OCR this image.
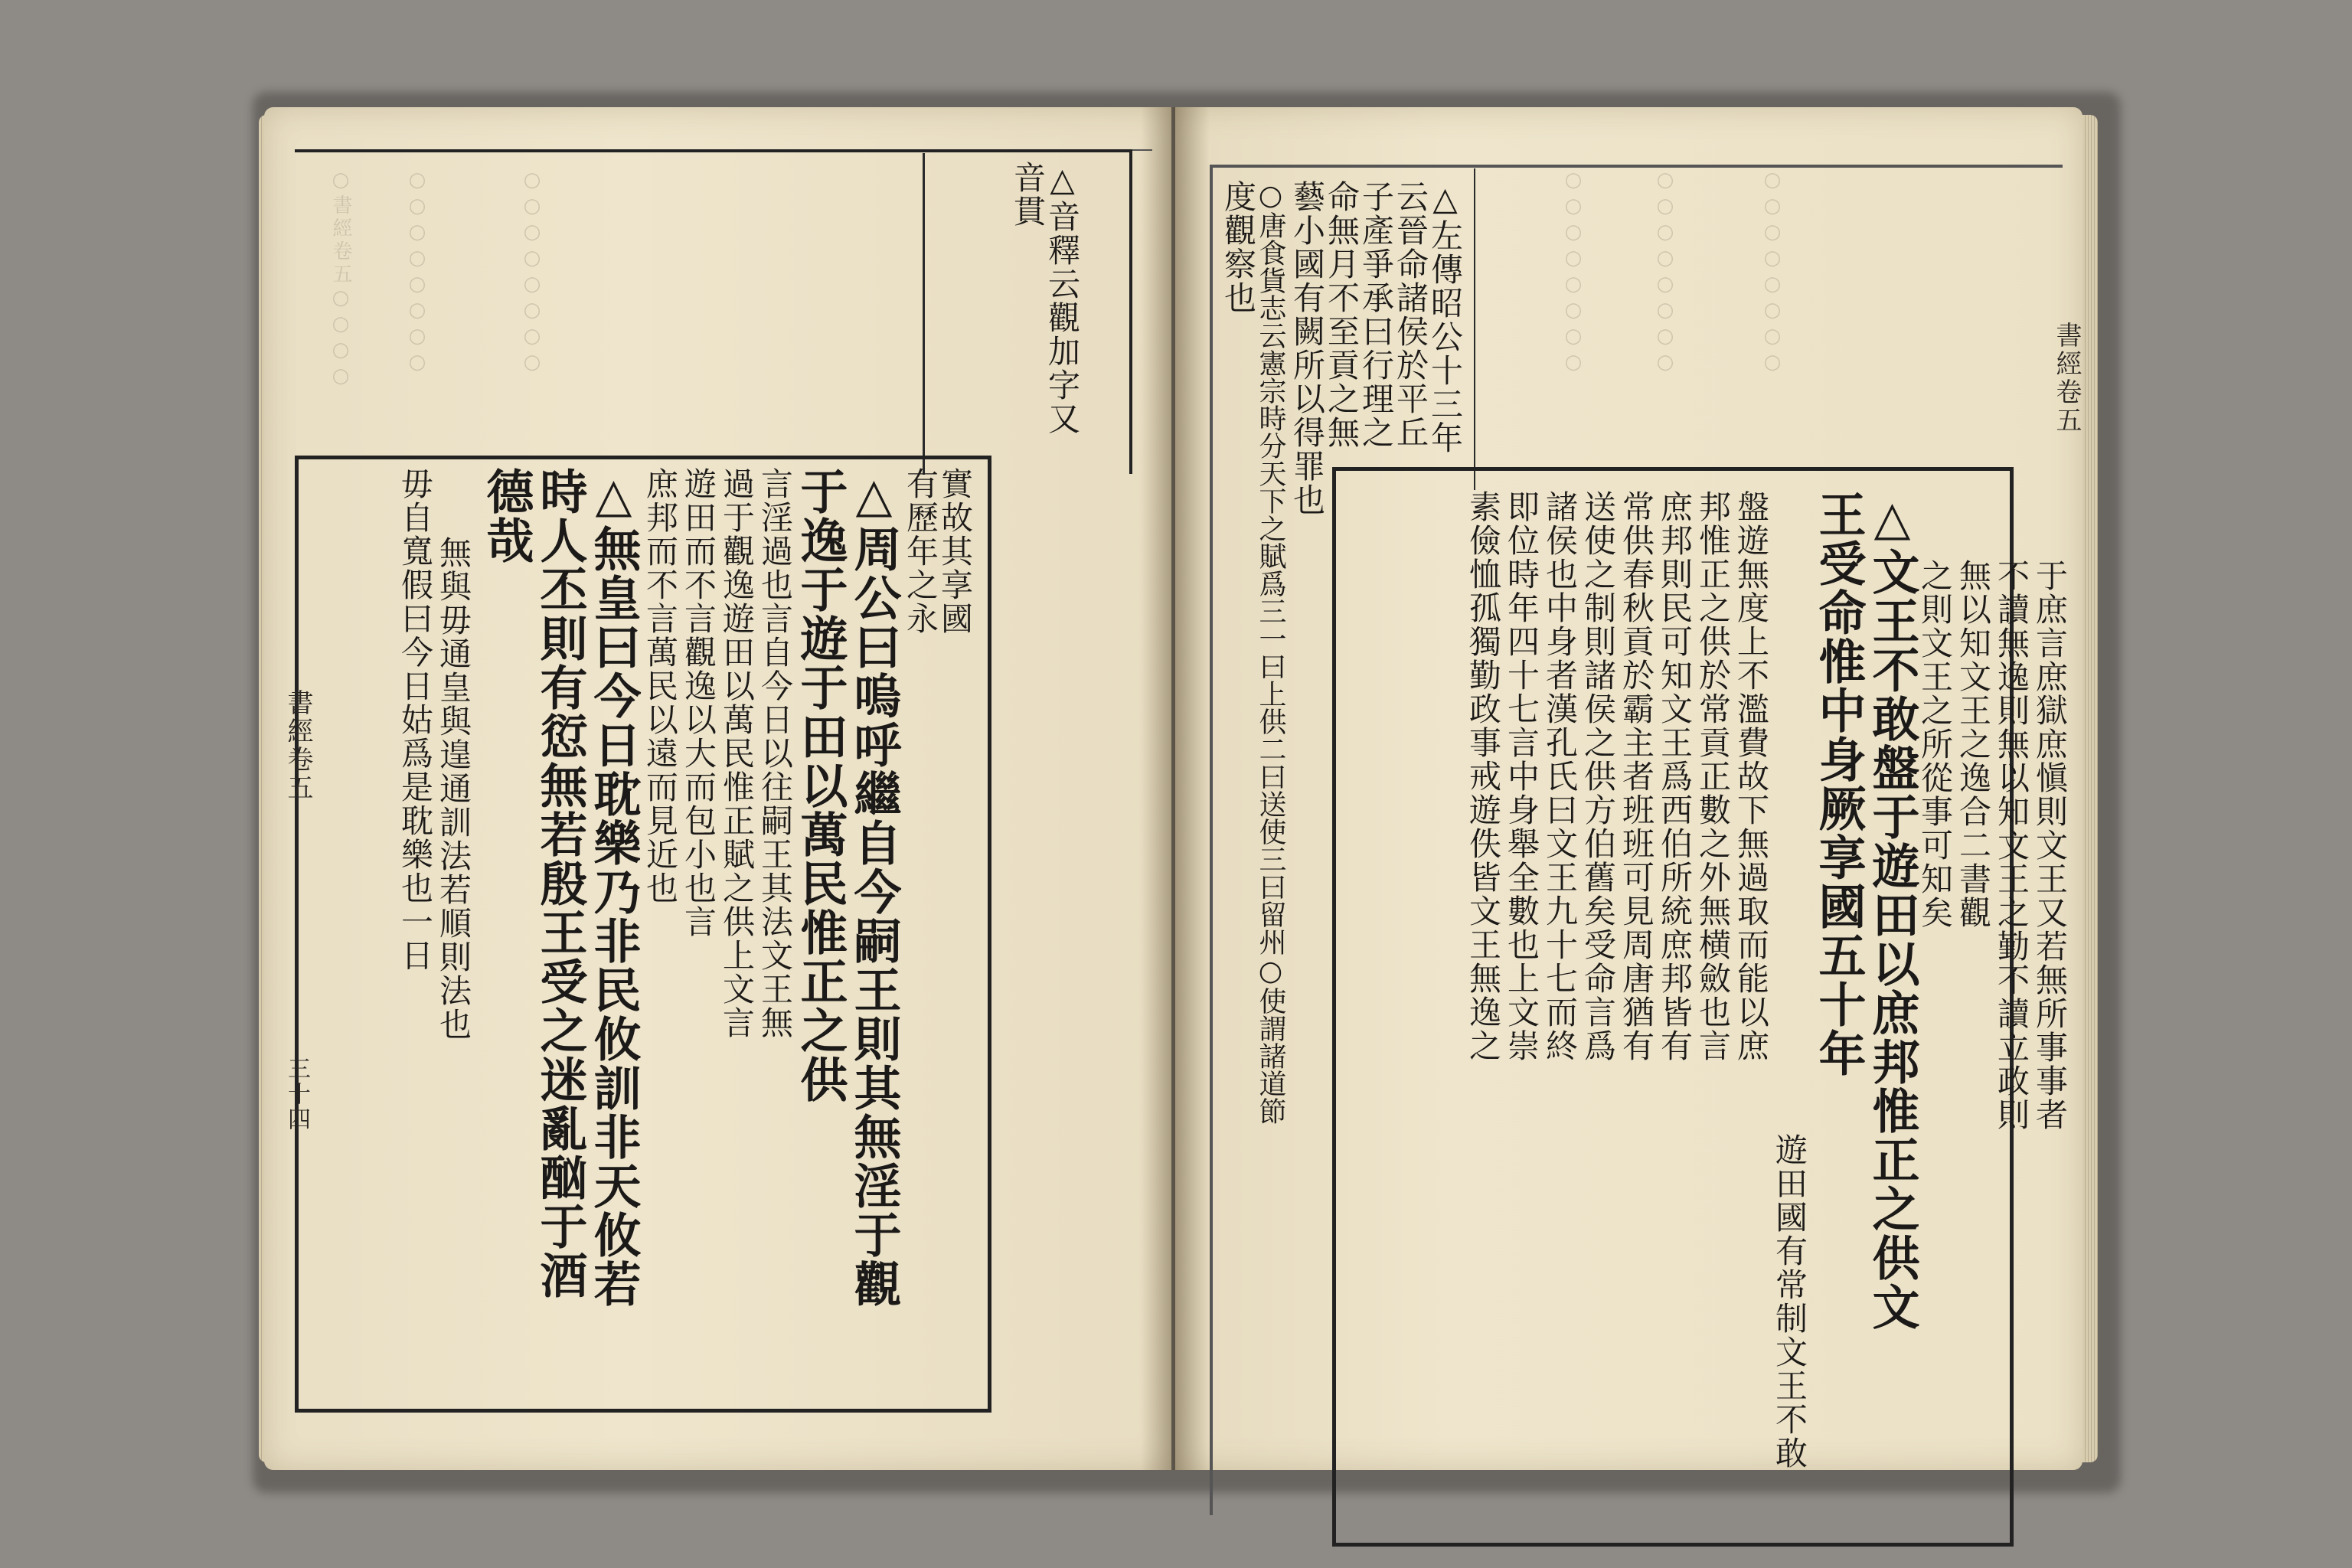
○書經卷五○○○○	○○○○○○○○	○○○○○○○○	△音釋云觀加字又
音貫
實故其享國
有歷年之永
△周公曰嗚呼繼自今嗣王則其無淫于觀
于逸于遊于田以萬民惟正之供
言淫過也言自今日以往嗣王其法文王無
過于觀逸遊田以萬民惟正賦之供上文言
遊田而不言觀逸以大而包小也言
庶邦而不言萬民以遠而見近也
△無皇曰今日耽樂乃非民攸訓非天攸若
時人丕則有愆無若殷王受之迷亂酗于酒
德哉
無與毋通皇與遑通訓法若順則法也
毋自寬假曰今日姑爲是耽樂也一日
書經卷五
三十四
○○○○○○○○	○○○○○○○○	○○○○○○○○
△左傳昭公十三年
云晉命諸侯於平丘
子產爭承曰行理之
命無月不至貢之無
藝小國有闕所以得罪也
○唐食貨志云憲宗時分天下之賦爲三一曰上供二曰送使三曰留州○使謂諸道節
度觀察也
于庶言庶獄庶愼則文王又若無所事事者
不讀無逸則無以知文王之勤不讀立政則
無以知文王之逸合二書觀
之則文王之所從事可知矣
△文王不敢盤于遊田以庶邦惟正之供文
王受命惟中身厥享國五十年
遊田國有常制文王不敢
盤遊無度上不濫費故下無過取而能以庶
邦惟正之供於常貢正數之外無横斂也言
庶邦則民可知文王爲西伯所統庶邦皆有
常供春秋貢於霸主者班班可見周唐猶有
送使之制則諸侯之供方伯舊矣受命言爲
諸侯也中身者漢孔氏曰文王九十七而終
即位時年四十七言中身舉全數也上文崇
素儉恤孤獨勤政事戒遊佚皆文王無逸之
書經卷五
